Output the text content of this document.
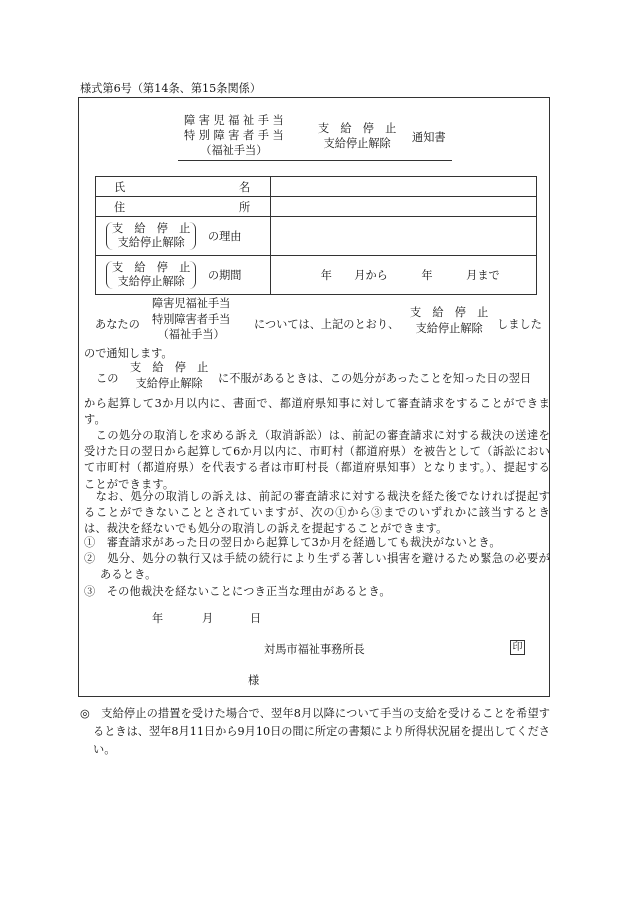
様式第6号（第14条、第15条関係）
障 害 児 福 祉 手 当
特 別 障 害 者 手 当
（福祉手当）
支　給　停　止
支給停止解除	通知書
氏 名	
住 所	

支　給　停　止
支給停止解除 の理由	

支　給　停　止
支給停止解除 の期間	年　　月から　　　年　　　月まで
あなたの
障害児福祉手当
特別障害者手当
（福祉手当）
については、上記のとおり、
支　給　停　止
支給停止解除	しました
ので通知します。
この
支　給　停　止
支給停止解除	に不服があるときは、この処分があったことを知った日の翌日
から起算して3か月以内に、書面で、都道府県知事に対して審査請求をすることができます。
　この処分の取消しを求める訴え（取消訴訟）は、前記の審査請求に対する裁決の送達を受けた日の翌日から起算して6か月以内に、市町村（都道府県）を被告として（訴訟において市町村（都道府県）を代表する者は市町村長（都道府県知事）となります。）、提起することができます。
　なお、処分の取消しの訴えは、前記の審査請求に対する裁決を経た後でなければ提起することができないこととされていますが、次の①から③までのいずれかに該当するときは、裁決を経ないでも処分の取消しの訴えを提起することができます。
①　審査請求があった日の翌日から起算して3か月を経過しても裁決がないとき。
②　処分、処分の執行又は手続の続行により生ずる著しい損害を避けるため緊急の必要があるとき。
③　その他裁決を経ないことにつき正当な理由があるとき。
年	月	日
対馬市福祉事務所長	印
様
◎　支給停止の措置を受けた場合で、翌年8月以降について手当の支給を受けることを希望するときは、翌年8月11日から9月10日の間に所定の書類により所得状況届を提出してください。
